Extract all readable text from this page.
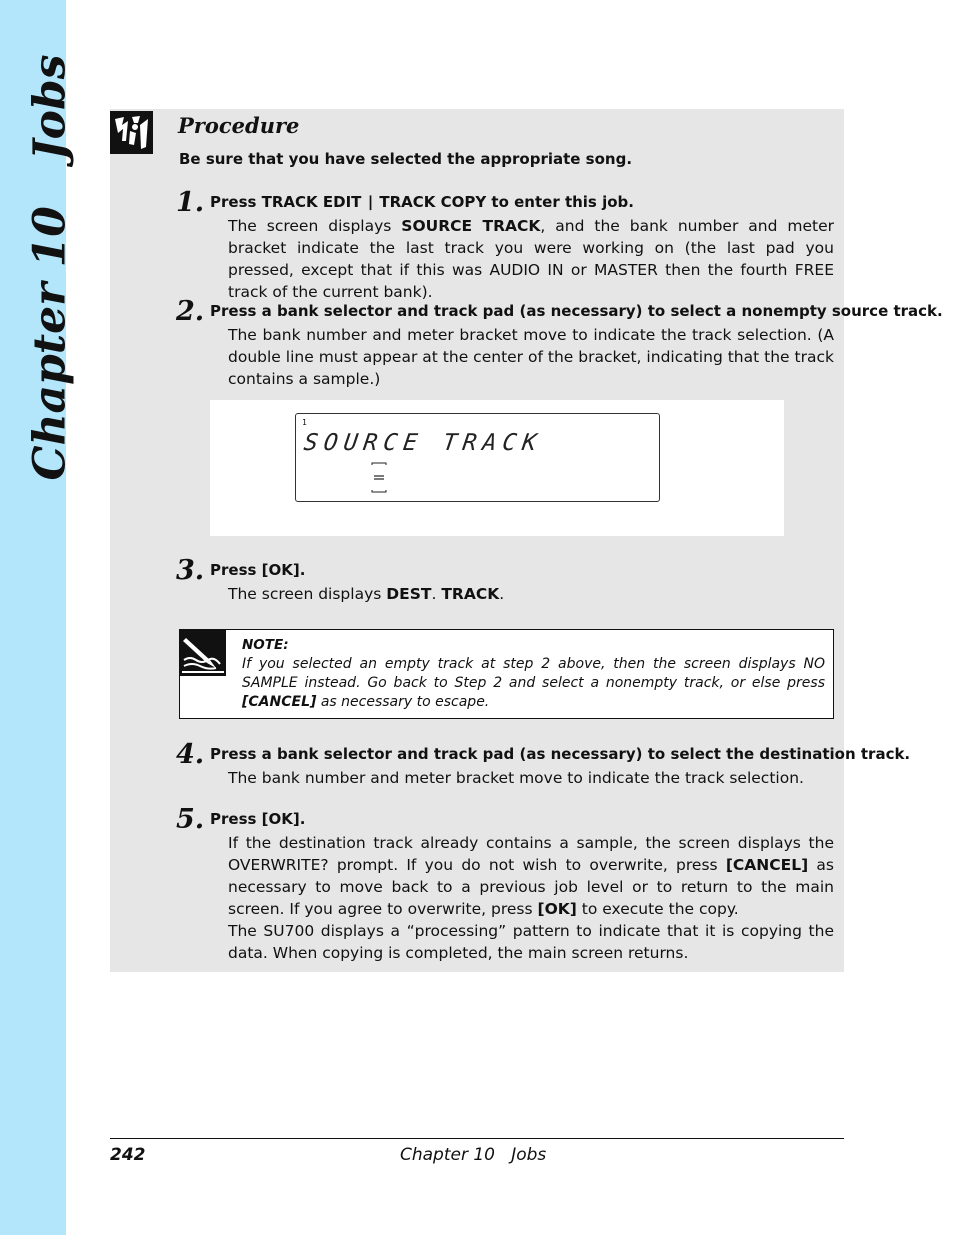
Chapter 10   Jobs	Procedure
Be sure that you have selected the appropriate song.
1. Press TRACK EDIT ∣ TRACK COPY to enter this job.
The screen displays SOURCE TRACK, and the bank number and meter bracket indicate the last track you were working on (the last pad you pressed, except that if this was AUDIO IN or MASTER then the fourth FREE track of the current bank).
2. Press a bank selector and track pad (as necessary) to select a nonempty source track.
The bank number and meter bracket move to indicate the track selection. (A double line must appear at the center of the bracket, indicating that the track contains a sample.)
1
SOURCE TRACK
3. Press [OK].
The screen displays DEST. TRACK.
NOTE:
If you selected an empty track at step 2 above, then the screen displays NO SAMPLE instead. Go back to Step 2 and select a nonempty track, or else press [CANCEL] as necessary to escape.
4. Press a bank selector and track pad (as necessary) to select the destination track.
The bank number and meter bracket move to indicate the track selection.
5. Press [OK].
If the destination track already contains a sample, the screen displays the OVERWRITE? prompt. If you do not wish to overwrite, press [CANCEL] as necessary to move back to a previous job level or to return to the main screen. If you agree to overwrite, press [OK] to execute the copy.
The SU700 displays a “processing” pattern to indicate that it is copying the data. When copying is completed, the main screen returns.
242	Chapter 10   Jobs
